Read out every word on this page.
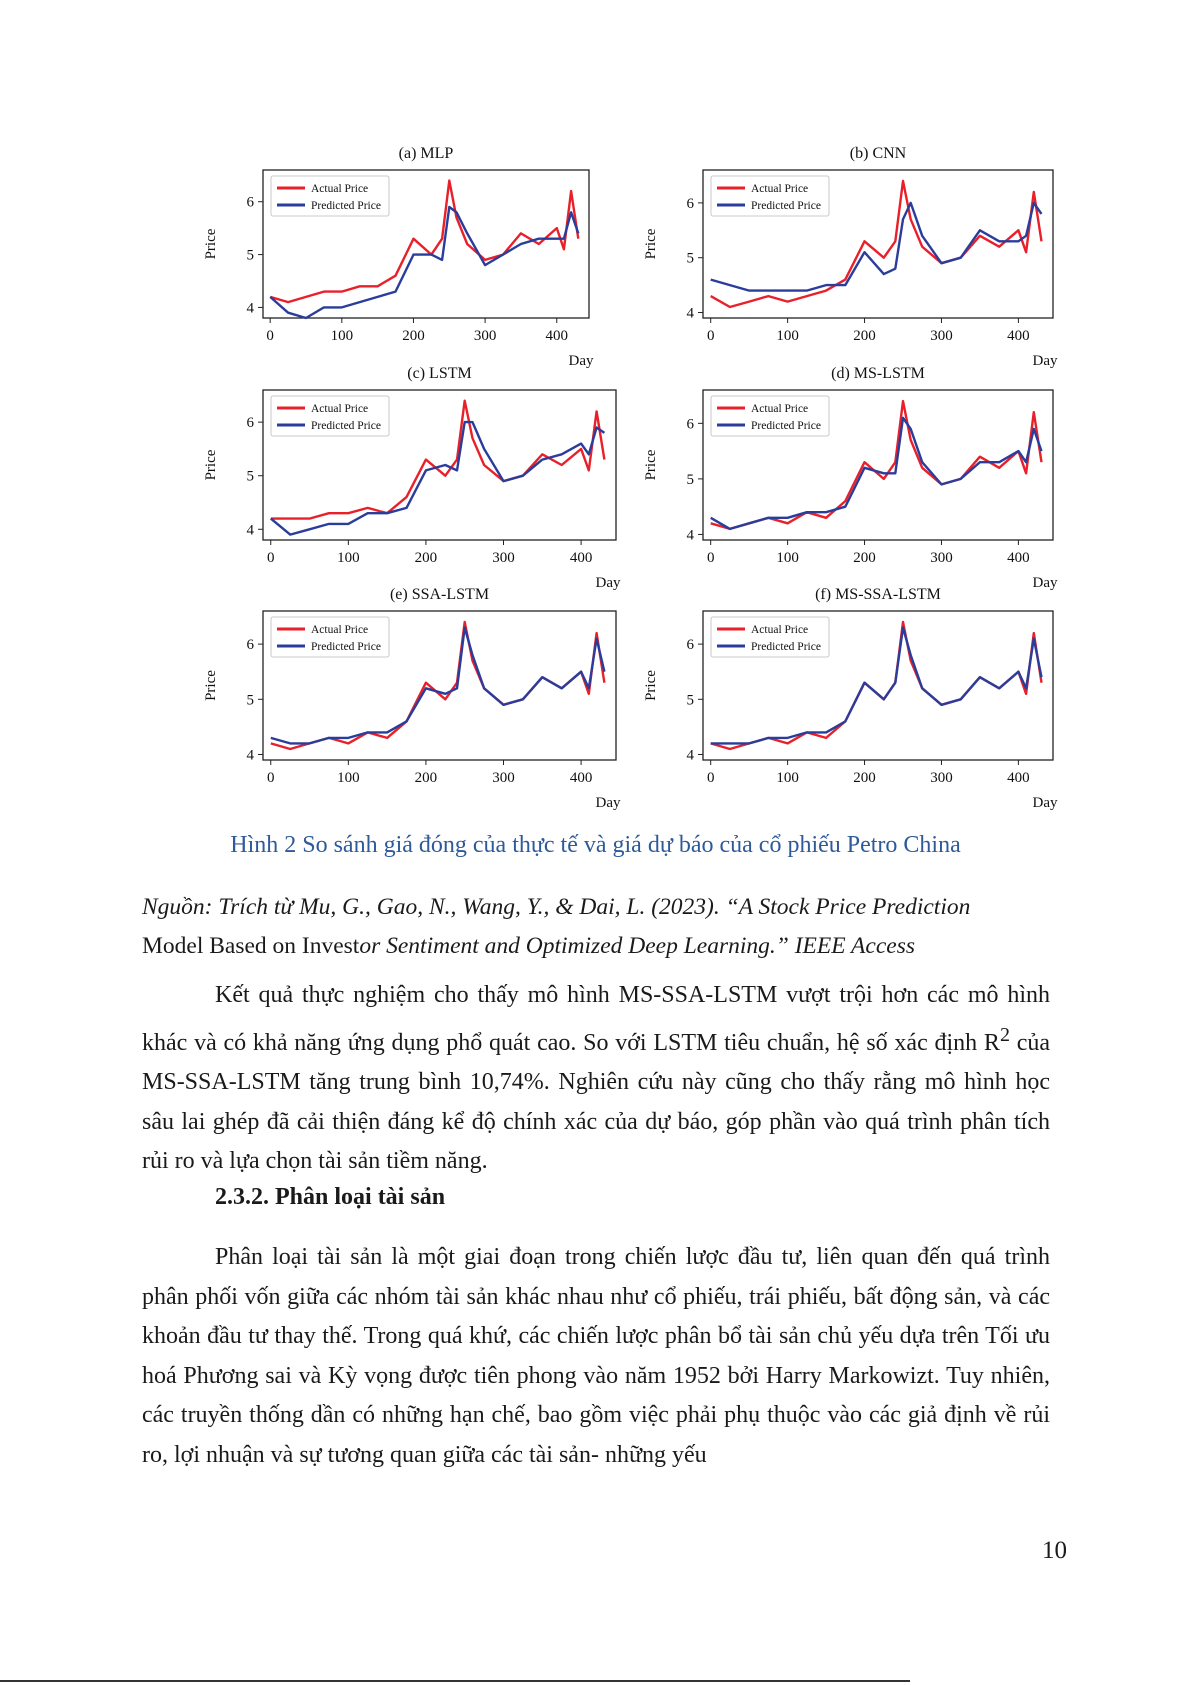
(a) MLP
4
5
6
0	100	200	300	400
Day
Price
Actual Price
Predicted Price
(b) CNN
4
5
6
0	100	200	300	400
Day
Price
Actual Price
Predicted Price
(c) LSTM
4
5
6
0	100	200	300	400
Day
Price
Actual Price
Predicted Price
(d) MS-LSTM
4
5
6
0	100	200	300	400
Day
Price
Actual Price
Predicted Price
(e) SSA-LSTM
4
5
6
0	100	200	300	400
Day
Price
Actual Price
Predicted Price
(f) MS-SSA-LSTM
4
5
6
0	100	200	300	400
Day
Price
Actual Price
Predicted Price

Hình 2 So sánh giá đóng của thực tế và giá dự báo của cổ phiếu Petro China

Nguồn: Trích từ Mu, G., Gao, N., Wang, Y., & Dai, L. (2023). “A Stock Price Prediction
Model Based on Investor Sentiment and Optimized Deep Learning.” IEEE Access

Kết quả thực nghiệm cho thấy mô hình MS-SSA-LSTM vượt trội hơn các mô hình khác và có khả năng ứng dụng phổ quát cao. So với LSTM tiêu chuẩn, hệ số xác định $R^2$ của MS-SSA-LSTM tăng trung bình 10,74%. Nghiên cứu này cũng cho thấy rằng mô hình học sâu lai ghép đã cải thiện đáng kể độ chính xác của dự báo, góp phần vào quá trình phân tích rủi ro và lựa chọn tài sản tiềm năng.

2.3.2. Phân loại tài sản

Phân loại tài sản là một giai đoạn trong chiến lược đầu tư, liên quan đến quá trình phân phối vốn giữa các nhóm tài sản khác nhau như cổ phiếu, trái phiếu, bất động sản, và các khoản đầu tư thay thế. Trong quá khứ, các chiến lược phân bổ tài sản chủ yếu dựa trên Tối ưu hoá Phương sai và Kỳ vọng được tiên phong vào năm 1952 bởi Harry Markowizt. Tuy nhiên, các truyền thống dần có những hạn chế, bao gồm việc phải phụ thuộc vào các giả định về rủi ro, lợi nhuận và sự tương quan giữa các tài sản- những yếu

10
